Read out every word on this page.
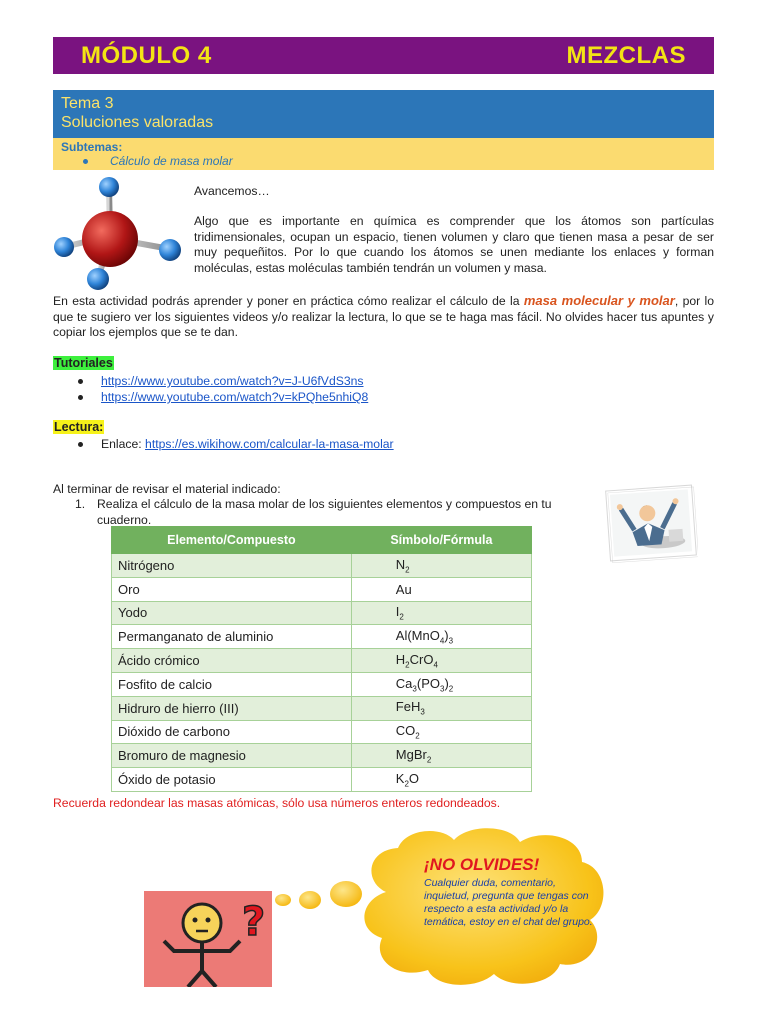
MÓDULO 4	MEZCLAS
Tema 3
Soluciones valoradas
Subtemas:
Cálculo de masa molar
Avancemos…
Algo que es importante en química es comprender que los átomos son partículas tridimensionales, ocupan un espacio, tienen volumen y claro que tienen masa a pesar de ser muy pequeñitos. Por lo que cuando los átomos se unen mediante los enlaces y forman moléculas, estas moléculas también tendrán un volumen y masa.
En esta actividad podrás aprender y poner en práctica cómo realizar el cálculo de la masa molecular y molar, por lo que te sugiero ver los siguientes videos y/o realizar la lectura, lo que se te haga mas fácil. No olvides hacer tus apuntes y copiar los ejemplos que se te dan.
Tutoriales
https://www.youtube.com/watch?v=J-U6fVdS3ns
https://www.youtube.com/watch?v=kPQhe5nhiQ8
Lectura:
Enlace: https://es.wikihow.com/calcular-la-masa-molar
Al terminar de revisar el material indicado:
1. Realiza el cálculo de la masa molar de los siguientes elementos y compuestos en tu cuaderno.
Elemento/Compuesto	Símbolo/Fórmula
Nitrógeno	$N_2$
Oro	Au
Yodo	$I_2$
Permanganato de aluminio	$Al(MnO_4)_3$
Ácido crómico	$H_2CrO_4$
Fosfito de calcio	$Ca_3(PO_3)_2$
Hidruro de hierro (III)	FeH$_3$
Dióxido de carbono	$CO_2$
Bromuro de magnesio	MgBr$_2$
Óxido de potasio	$K_2O$
Recuerda redondear las masas atómicas, sólo usa números enteros redondeados.
?
¡NO OLVIDES!
Cualquier duda, comentario, inquietud, pregunta que tengas con respecto a esta actividad y/o la temática, estoy en el chat del grupo.
